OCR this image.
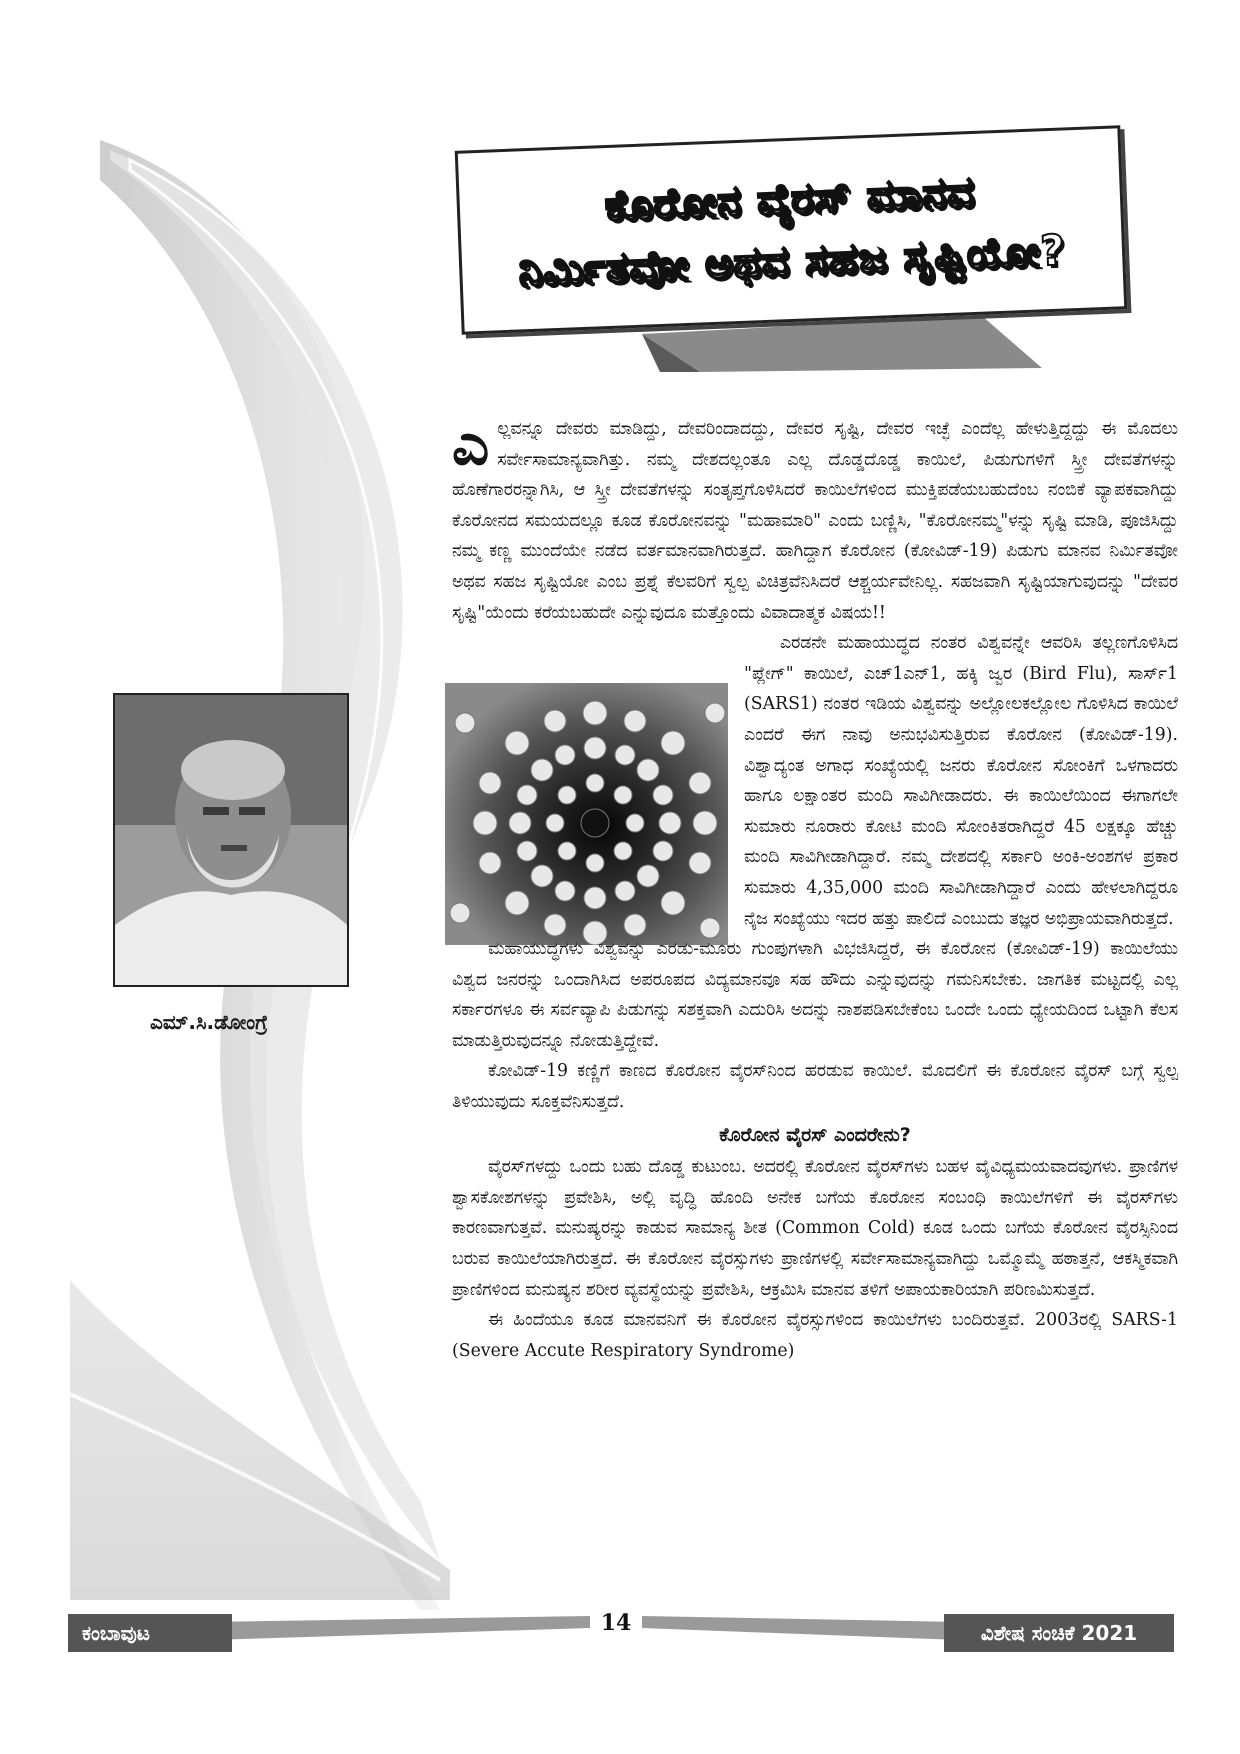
ಕೊರೋನ ವೈರಸ್ ಮಾನವ
ನಿರ್ಮಿತವೋ ಅಥವ ಸಹಜ ಸೃಷ್ಟಿಯೋ?
ಎಮ್.ಸಿ.ಡೋಂಗ್ರೆ

ಎಲ್ಲವನ್ನೂ ದೇವರು ಮಾಡಿದ್ದು, ದೇವರಿಂದಾದದ್ದು, ದೇವರ ಸೃಷ್ಟಿ, ದೇವರ ಇಚ್ಛೆ ಎಂದೆಲ್ಲ ಹೇಳುತ್ತಿದ್ದದ್ದು ಈ ಮೊದಲು ಸರ್ವೇಸಾಮಾನ್ಯವಾಗಿತ್ತು. ನಮ್ಮ ದೇಶದಲ್ಲಂತೂ ಎಲ್ಲ ದೊಡ್ಡದೊಡ್ಡ ಕಾಯಿಲೆ, ಪಿಡುಗುಗಳಿಗೆ ಸ್ತ್ರೀ ದೇವತೆಗಳನ್ನು ಹೊಣೆಗಾರರನ್ನಾಗಿಸಿ, ಆ ಸ್ತ್ರೀ ದೇವತೆಗಳನ್ನು ಸಂತೃಪ್ತಗೊಳಿಸಿದರೆ ಕಾಯಿಲೆಗಳಿಂದ ಮುಕ್ತಿಪಡೆಯಬಹುದೆಂಬ ನಂಬಿಕೆ ವ್ಯಾಪಕವಾಗಿದ್ದು ಕೊರೋನದ ಸಮಯದಲ್ಲೂ ಕೂಡ ಕೊರೋನವನ್ನು "ಮಹಾಮಾರಿ" ಎಂದು ಬಣ್ಣಿಸಿ, "ಕೊರೋನಮ್ಮ"ಳನ್ನು ಸೃಷ್ಟಿ ಮಾಡಿ, ಪೂಜಿಸಿದ್ದು ನಮ್ಮ ಕಣ್ಣ ಮುಂದೆಯೇ ನಡೆದ ವರ್ತಮಾನವಾಗಿರುತ್ತದೆ. ಹಾಗಿದ್ದಾಗ ಕೊರೋನ (ಕೋವಿಡ್-19) ಪಿಡುಗು ಮಾನವ ನಿರ್ಮಿತವೋ ಅಥವ ಸಹಜ ಸೃಷ್ಟಿಯೋ ಎಂಬ ಪ್ರಶ್ನೆ ಕೆಲವರಿಗೆ ಸ್ವಲ್ಪ ವಿಚಿತ್ರವೆನಿಸಿದರೆ ಆಶ್ಚರ್ಯವೇನಿಲ್ಲ. ಸಹಜವಾಗಿ ಸೃಷ್ಟಿಯಾಗುವುದನ್ನು "ದೇವರ ಸೃಷ್ಟಿ"ಯೆಂದು ಕರೆಯಬಹುದೇ ಎನ್ನುವುದೂ ಮತ್ತೊಂದು ವಿವಾದಾತ್ಮಕ ವಿಷಯ!!

ಎರಡನೇ ಮಹಾಯುದ್ಧದ ನಂತರ ವಿಶ್ವವನ್ನೇ ಆವರಿಸಿ ತಲ್ಲಣಗೊಳಿಸಿದ "ಪ್ಲೇಗ್" ಕಾಯಿಲೆ, ಎಚ್1ಎನ್1, ಹಕ್ಕಿ ಜ್ವರ (Bird Flu), ಸಾರ್ಸ್1 (SARS1) ನಂತರ ಇಡಿಯ ವಿಶ್ವವನ್ನು ಅಲ್ಲೋಲಕಲ್ಲೋಲ ಗೊಳಿಸಿದ ಕಾಯಿಲೆ ಎಂದರೆ ಈಗ ನಾವು ಅನುಭವಿಸುತ್ತಿರುವ ಕೊರೋನ (ಕೋವಿಡ್-19). ವಿಶ್ವಾದ್ಯಂತ ಅಗಾಧ ಸಂಖ್ಯೆಯಲ್ಲಿ ಜನರು ಕೊರೋನ ಸೋಂಕಿಗೆ ಒಳಗಾದರು ಹಾಗೂ ಲಕ್ಷಾಂತರ ಮಂದಿ ಸಾವಿಗೀಡಾದರು. ಈ ಕಾಯಿಲೆಯಿಂದ ಈಗಾಗಲೇ ಸುಮಾರು ನೂರಾರು ಕೋಟಿ ಮಂದಿ ಸೋಂಕಿತರಾಗಿದ್ದರೆ 45 ಲಕ್ಷಕ್ಕೂ ಹೆಚ್ಚು ಮಂದಿ ಸಾವಿಗೀಡಾಗಿದ್ದಾರೆ. ನಮ್ಮ ದೇಶದಲ್ಲಿ ಸರ್ಕಾರಿ ಅಂಕಿ-ಅಂಶಗಳ ಪ್ರಕಾರ ಸುಮಾರು 4,35,000 ಮಂದಿ ಸಾವಿಗೀಡಾಗಿದ್ದಾರೆ ಎಂದು ಹೇಳಲಾಗಿದ್ದರೂ ನೈಜ ಸಂಖ್ಯೆಯು ಇದರ ಹತ್ತು ಪಾಲಿದೆ ಎಂಬುದು ತಜ್ಞರ ಅಭಿಪ್ರಾಯವಾಗಿರುತ್ತದೆ.

ಮಹಾಯುದ್ಧಗಳು ವಿಶ್ವವನ್ನು ಎರಡು-ಮೂರು ಗುಂಪುಗಳಾಗಿ ವಿಭಜಿಸಿದ್ದರೆ, ಈ ಕೊರೋನ (ಕೋವಿಡ್-19) ಕಾಯಿಲೆಯು ವಿಶ್ವದ ಜನರನ್ನು ಒಂದಾಗಿಸಿದ ಅಪರೂಪದ ವಿದ್ಯಮಾನವೂ ಸಹ ಹೌದು ಎನ್ನುವುದನ್ನು ಗಮನಿಸಬೇಕು. ಜಾಗತಿಕ ಮಟ್ಟದಲ್ಲಿ ಎಲ್ಲ ಸರ್ಕಾರಗಳೂ ಈ ಸರ್ವವ್ಯಾಪಿ ಪಿಡುಗನ್ನು ಸಶಕ್ತವಾಗಿ ಎದುರಿಸಿ ಅದನ್ನು ನಾಶಪಡಿಸಬೇಕೆಂಬ ಒಂದೇ ಒಂದು ಧ್ಯೇಯದಿಂದ ಒಟ್ಟಾಗಿ ಕೆಲಸ ಮಾಡುತ್ತಿರುವುದನ್ನೂ ನೋಡುತ್ತಿದ್ದೇವೆ.

ಕೋವಿಡ್-19 ಕಣ್ಣಿಗೆ ಕಾಣದ ಕೊರೋನ ವೈರಸ್‌ನಿಂದ ಹರಡುವ ಕಾಯಿಲೆ. ಮೊದಲಿಗೆ ಈ ಕೊರೋನ ವೈರಸ್ ಬಗ್ಗೆ ಸ್ವಲ್ಪ ತಿಳಿಯುವುದು ಸೂಕ್ತವೆನಿಸುತ್ತದೆ.

ಕೊರೋನ ವೈರಸ್ ಎಂದರೇನು?

ವೈರಸ್‌ಗಳದ್ದು ಒಂದು ಬಹು ದೊಡ್ಡ ಕುಟುಂಬ. ಅದರಲ್ಲಿ ಕೊರೋನ ವೈರಸ್‌ಗಳು ಬಹಳ ವೈವಿಧ್ಯಮಯವಾದವುಗಳು. ಪ್ರಾಣಿಗಳ ಶ್ವಾಸಕೋಶಗಳನ್ನು ಪ್ರವೇಶಿಸಿ, ಅಲ್ಲಿ ವೃದ್ಧಿ ಹೊಂದಿ ಅನೇಕ ಬಗೆಯ ಕೊರೋನ ಸಂಬಂಧಿ ಕಾಯಿಲೆಗಳಿಗೆ ಈ ವೈರಸ್‌ಗಳು ಕಾರಣವಾಗುತ್ತವೆ. ಮನುಷ್ಯರನ್ನು ಕಾಡುವ ಸಾಮಾನ್ಯ ಶೀತ (Common Cold) ಕೂಡ ಒಂದು ಬಗೆಯ ಕೊರೋನ ವೈರಸ್ಸಿನಿಂದ ಬರುವ ಕಾಯಿಲೆಯಾಗಿರುತ್ತದೆ. ಈ ಕೊರೋನ ವೈರಸ್ಸುಗಳು ಪ್ರಾಣಿಗಳಲ್ಲಿ ಸರ್ವೇಸಾಮಾನ್ಯವಾಗಿದ್ದು ಒಮ್ಮೊಮ್ಮೆ ಹಠಾತ್ತನೆ, ಆಕಸ್ಮಿಕವಾಗಿ ಪ್ರಾಣಿಗಳಿಂದ ಮನುಷ್ಯನ ಶರೀರ ವ್ಯವಸ್ಥೆಯನ್ನು ಪ್ರವೇಶಿಸಿ, ಆಕ್ರಮಿಸಿ ಮಾನವ ತಳಿಗೆ ಅಪಾಯಕಾರಿಯಾಗಿ ಪರಿಣಮಿಸುತ್ತದೆ.

ಈ ಹಿಂದೆಯೂ ಕೂಡ ಮಾನವನಿಗೆ ಈ ಕೊರೋನ ವೈರಸ್ಸುಗಳಿಂದ ಕಾಯಿಲೆಗಳು ಬಂದಿರುತ್ತವೆ. 2003ರಲ್ಲಿ SARS-1 (Severe Accute Respiratory Syndrome)

ಕಂಬಾವುಟ	14	ವಿಶೇಷ ಸಂಚಿಕೆ 2021
